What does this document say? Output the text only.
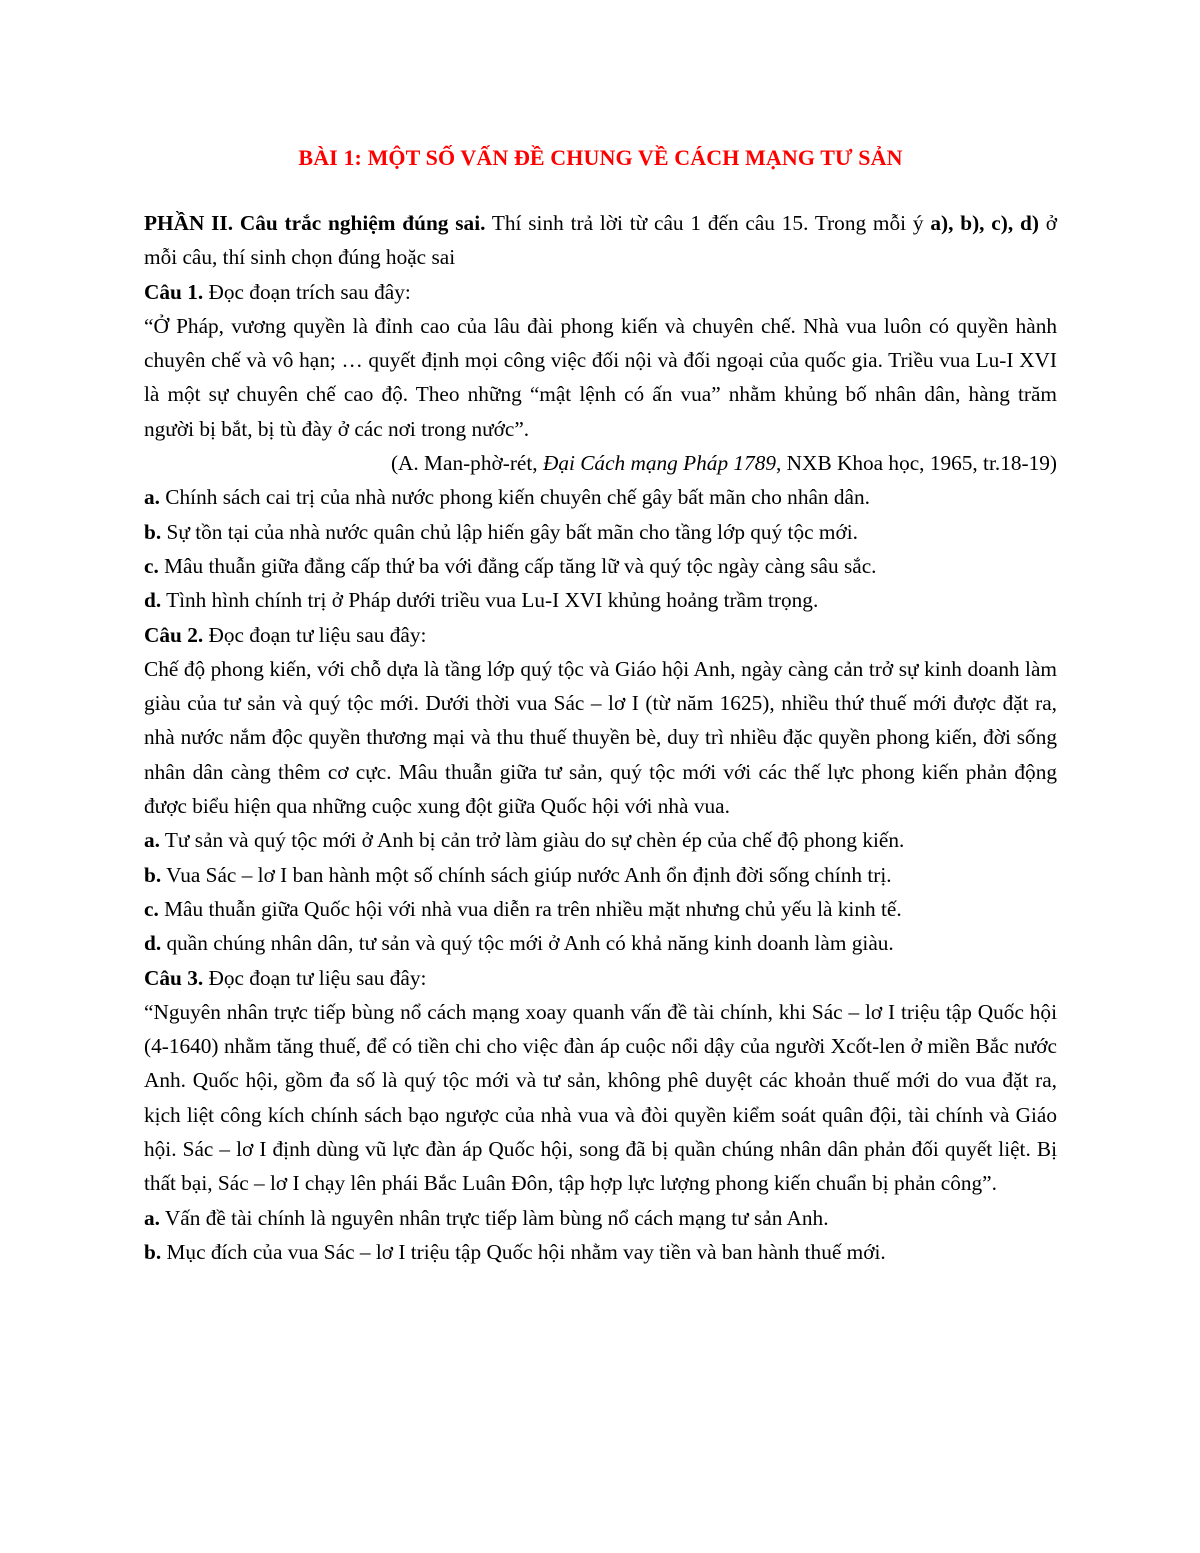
BÀI 1: MỘT SỐ VẤN ĐỀ CHUNG VỀ CÁCH MẠNG TƯ SẢN

PHẦN II. Câu trắc nghiệm đúng sai. Thí sinh trả lời từ câu 1 đến câu 15. Trong mỗi ý a), b), c), d) ở mỗi câu, thí sinh chọn đúng hoặc sai

Câu 1. Đọc đoạn trích sau đây:

“Ở Pháp, vương quyền là đỉnh cao của lâu đài phong kiến và chuyên chế. Nhà vua luôn có quyền hành chuyên chế và vô hạn; … quyết định mọi công việc đối nội và đối ngoại của quốc gia. Triều vua Lu-I XVI là một sự chuyên chế cao độ. Theo những “mật lệnh có ấn vua” nhằm khủng bố nhân dân, hàng trăm người bị bắt, bị tù đày ở các nơi trong nước”.

(A. Man-phờ-rét, Đại Cách mạng Pháp 1789, NXB Khoa học, 1965, tr.18-19)

a. Chính sách cai trị của nhà nước phong kiến chuyên chế gây bất mãn cho nhân dân.

b. Sự tồn tại của nhà nước quân chủ lập hiến gây bất mãn cho tầng lớp quý tộc mới.

c. Mâu thuẫn giữa đẳng cấp thứ ba với đẳng cấp tăng lữ và quý tộc ngày càng sâu sắc.

d. Tình hình chính trị ở Pháp dưới triều vua Lu-I XVI khủng hoảng trầm trọng.

Câu 2. Đọc đoạn tư liệu sau đây:

Chế độ phong kiến, với chỗ dựa là tầng lớp quý tộc và Giáo hội Anh, ngày càng cản trở sự kinh doanh làm giàu của tư sản và quý tộc mới. Dưới thời vua Sác – lơ I (từ năm 1625), nhiều thứ thuế mới được đặt ra, nhà nước nắm độc quyền thương mại và thu thuế thuyền bè, duy trì nhiều đặc quyền phong kiến, đời sống nhân dân càng thêm cơ cực. Mâu thuẫn giữa tư sản, quý tộc mới với các thế lực phong kiến phản động được biểu hiện qua những cuộc xung đột giữa Quốc hội với nhà vua.

a. Tư sản và quý tộc mới ở Anh bị cản trở làm giàu do sự chèn ép của chế độ phong kiến.

b. Vua Sác – lơ I ban hành một số chính sách giúp nước Anh ổn định đời sống chính trị.

c. Mâu thuẫn giữa Quốc hội với nhà vua diễn ra trên nhiều mặt nhưng chủ yếu là kinh tế.

d. quần chúng nhân dân, tư sản và quý tộc mới ở Anh có khả năng kinh doanh làm giàu.

Câu 3. Đọc đoạn tư liệu sau đây:

“Nguyên nhân trực tiếp bùng nổ cách mạng xoay quanh vấn đề tài chính, khi Sác – lơ I triệu tập Quốc hội (4-1640) nhằm tăng thuế, để có tiền chi cho việc đàn áp cuộc nổi dậy của người Xcốt-len ở miền Bắc nước Anh. Quốc hội, gồm đa số là quý tộc mới và tư sản, không phê duyệt các khoản thuế mới do vua đặt ra, kịch liệt công kích chính sách bạo ngược của nhà vua và đòi quyền kiểm soát quân đội, tài chính và Giáo hội. Sác – lơ I định dùng vũ lực đàn áp Quốc hội, song đã bị quần chúng nhân dân phản đối quyết liệt. Bị thất bại, Sác – lơ I chạy lên phái Bắc Luân Đôn, tập hợp lực lượng phong kiến chuẩn bị phản công”.

a. Vấn đề tài chính là nguyên nhân trực tiếp làm bùng nổ cách mạng tư sản Anh.

b. Mục đích của vua Sác – lơ I triệu tập Quốc hội nhằm vay tiền và ban hành thuế mới.
